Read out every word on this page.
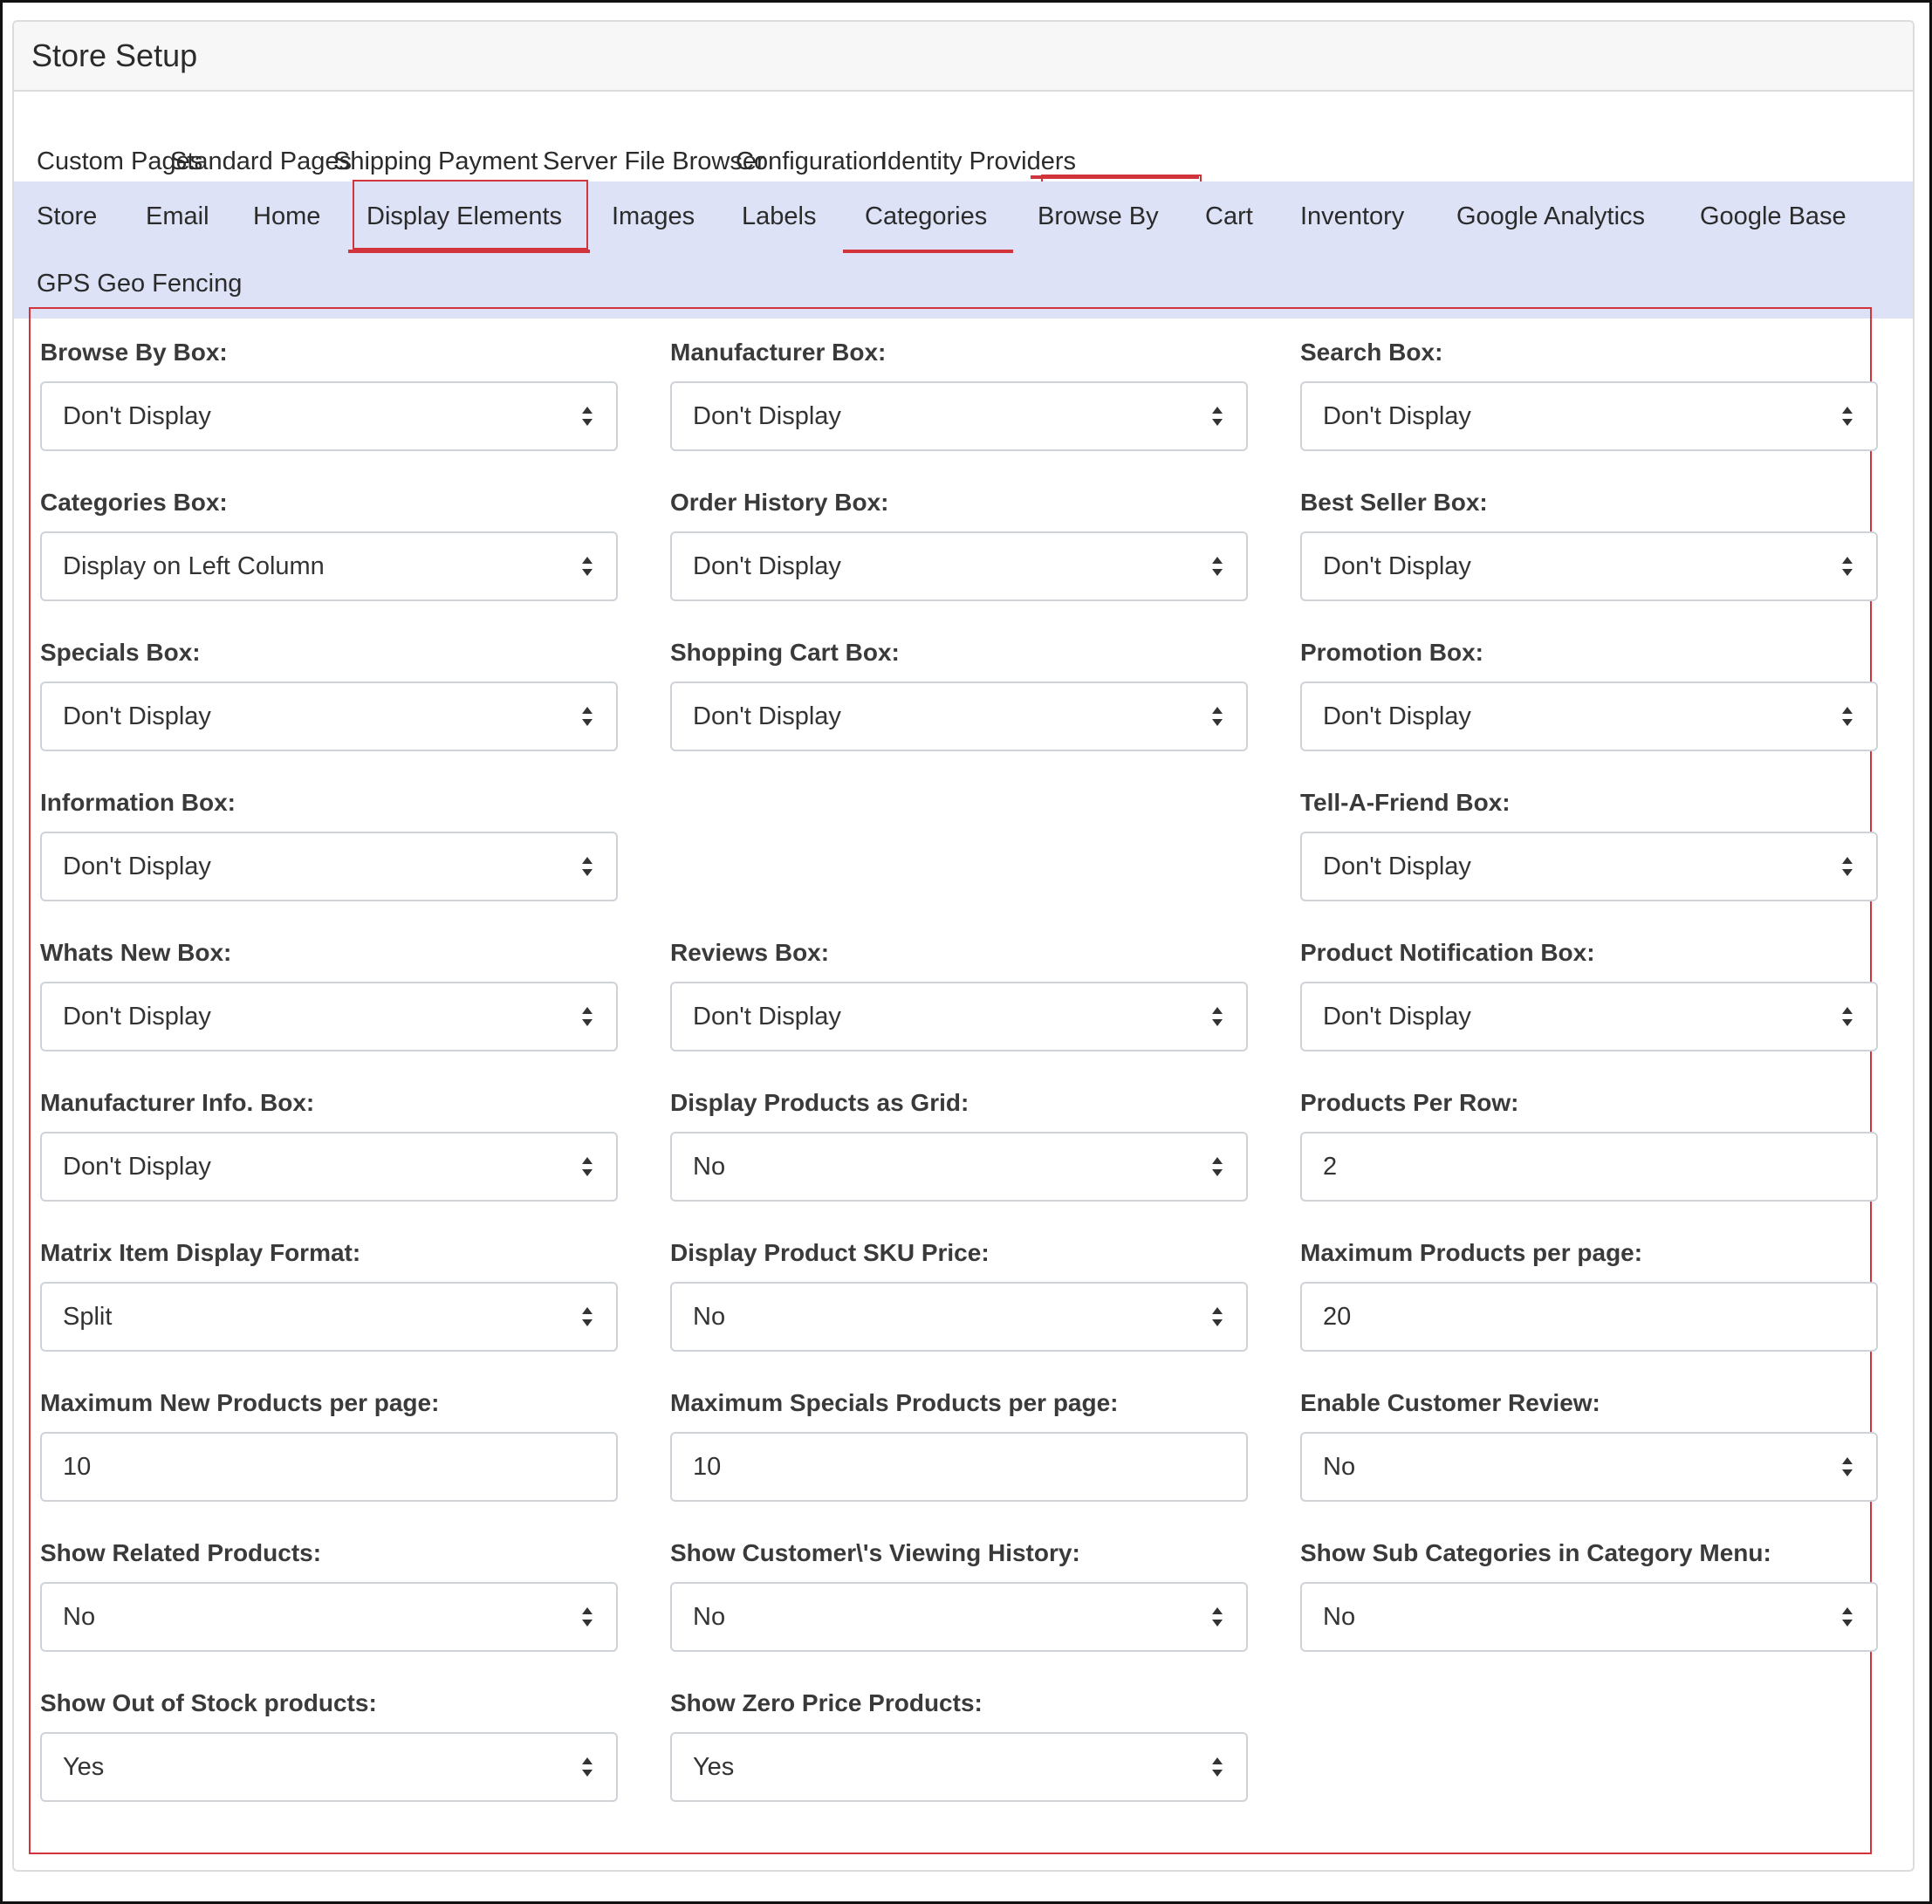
Store Setup
Custom Pages
Standard Pages
Shipping Payment Server File Browser
Configuration
Identity Providers
Store Email Home Display Elements Images Labels Categories Browse By Cart Inventory Google Analytics Google Base
GPS Geo Fencing
Browse By Box:
Don't Display
Manufacturer Box:
Don't Display
Search Box:
Don't Display
Categories Box:
Display on Left Column
Order History Box:
Don't Display
Best Seller Box:
Don't Display
Specials Box:
Don't Display
Shopping Cart Box:
Don't Display
Promotion Box:
Don't Display
Information Box:
Don't Display
Tell-A-Friend Box:
Don't Display
Whats New Box:
Don't Display
Reviews Box:
Don't Display
Product Notification Box:
Don't Display
Manufacturer Info. Box:
Don't Display
Display Products as Grid:
No
Products Per Row:
2
Matrix Item Display Format:
Split
Display Product SKU Price:
No
Maximum Products per page:
20
Maximum New Products per page:
10
Maximum Specials Products per page:
10
Enable Customer Review:
No
Show Related Products:
No
Show Customer\'s Viewing History:
No
Show Sub Categories in Category Menu:
No
Show Out of Stock products:
Yes
Show Zero Price Products:
Yes
